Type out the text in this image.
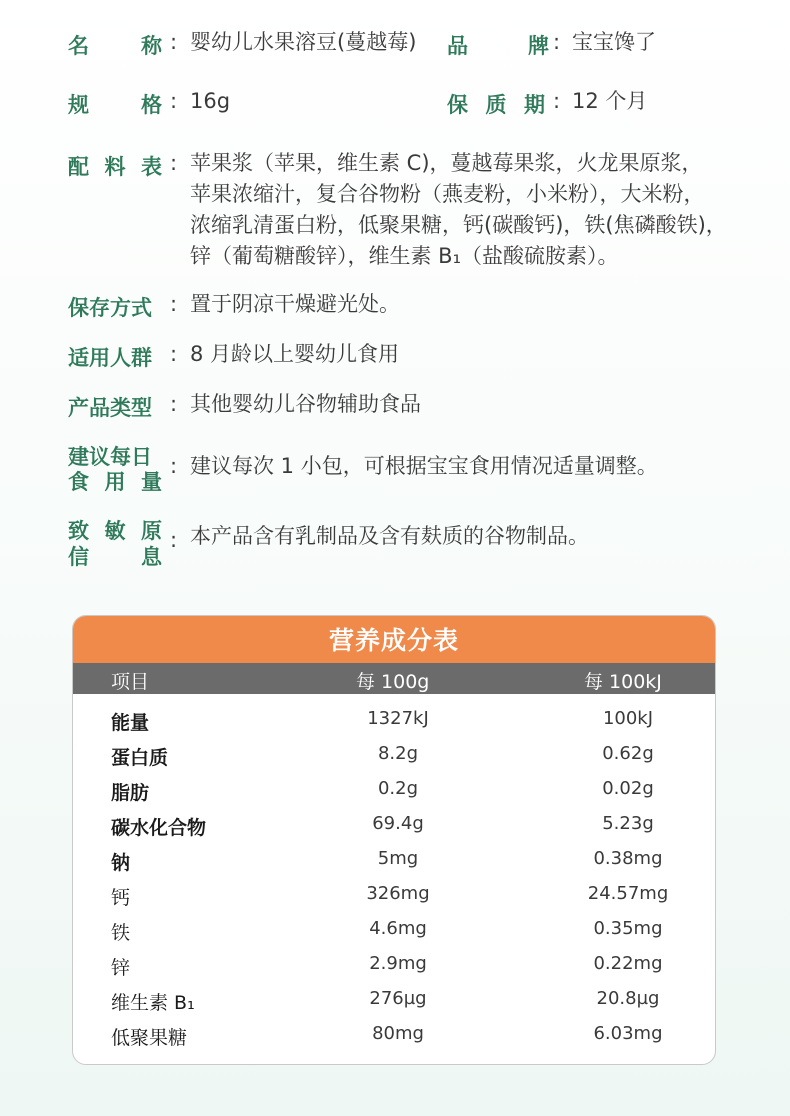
名 称 : 婴幼儿水果溶豆(蔓越莓) 品	牌 : 宝宝馋了
规 格 : 16g	保 质 期 : 12 个月
配 料 表 : 苹果浆（苹果，维生素 C)，蔓越莓果浆，火龙果原浆，
苹果浓缩汁，复合谷物粉（燕麦粉，小米粉），大米粉，
浓缩乳清蛋白粉，低聚果糖，钙(碳酸钙)，铁(焦磷酸铁)，
锌（葡萄糖酸锌），维生素 B₁（盐酸硫胺素）。
保存方式 : 置于阴凉干燥避光处。
适用人群 : 8 月龄以上婴幼儿食用
产品类型 : 其他婴幼儿谷物辅助食品
建议每日
食 用 量
: 建议每次 1 小包，可根据宝宝食用情况适量调整。
致 敏 原
信 息
: 本产品含有乳制品及含有麸质的谷物制品。
营养成分表
项目	每 100g	每 100kJ
能量	1327kJ	100kJ
蛋白质	8.2g	0.62g
脂肪	0.2g	0.02g
碳水化合物	69.4g	5.23g
钠	5mg	0.38mg
钙	326mg	24.57mg
铁	4.6mg	0.35mg
锌	2.9mg	0.22mg
维生素 B₁	276µg	20.8µg
低聚果糖	80mg	6.03mg
